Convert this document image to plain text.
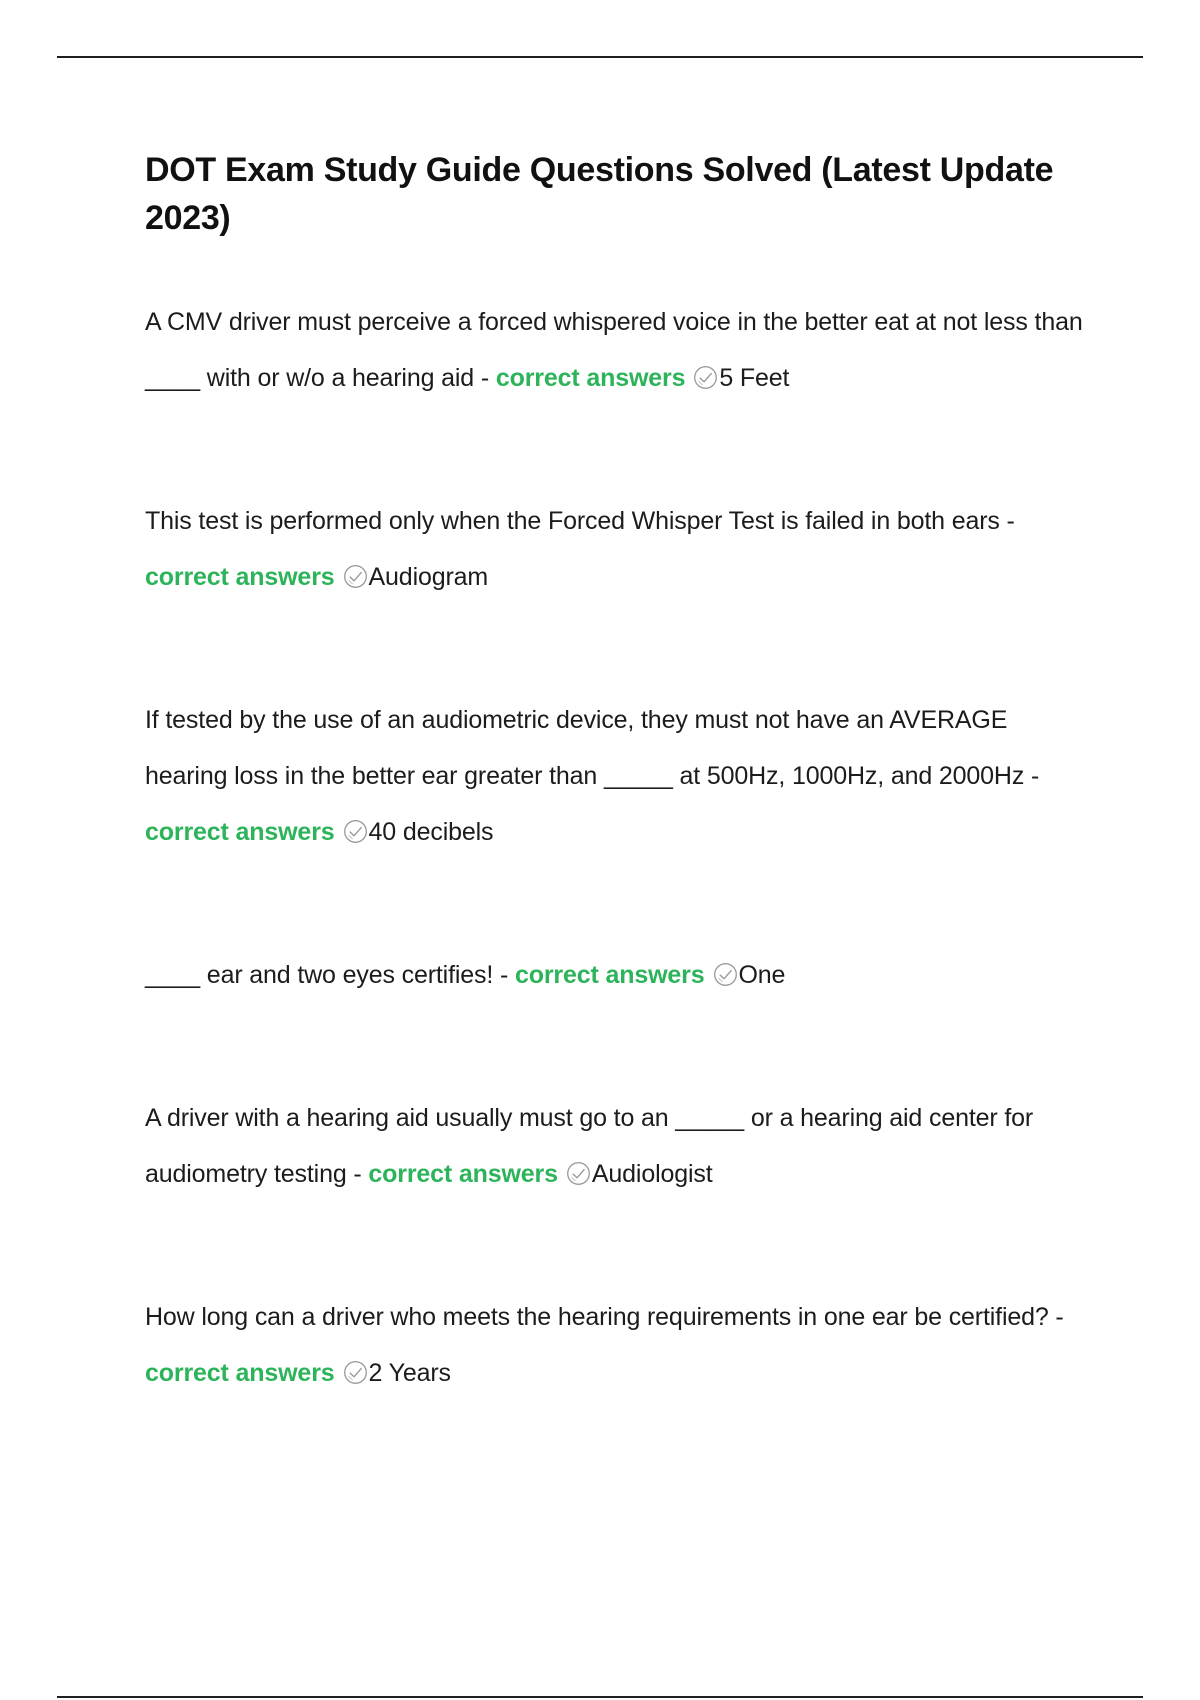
DOT Exam Study Guide Questions Solved (Latest Update 2023)
A CMV driver must perceive a forced whispered voice in the better eat at not less than ____ with or w/o a hearing aid - correct answers 5 Feet
This test is performed only when the Forced Whisper Test is failed in both ears - correct answers Audiogram
If tested by the use of an audiometric device, they must not have an AVERAGE hearing loss in the better ear greater than _____ at 500Hz, 1000Hz, and 2000Hz - correct answers 40 decibels
____ ear and two eyes certifies! - correct answers One
A driver with a hearing aid usually must go to an _____ or a hearing aid center for audiometry testing - correct answers Audiologist
How long can a driver who meets the hearing requirements in one ear be certified? - correct answers 2 Years
